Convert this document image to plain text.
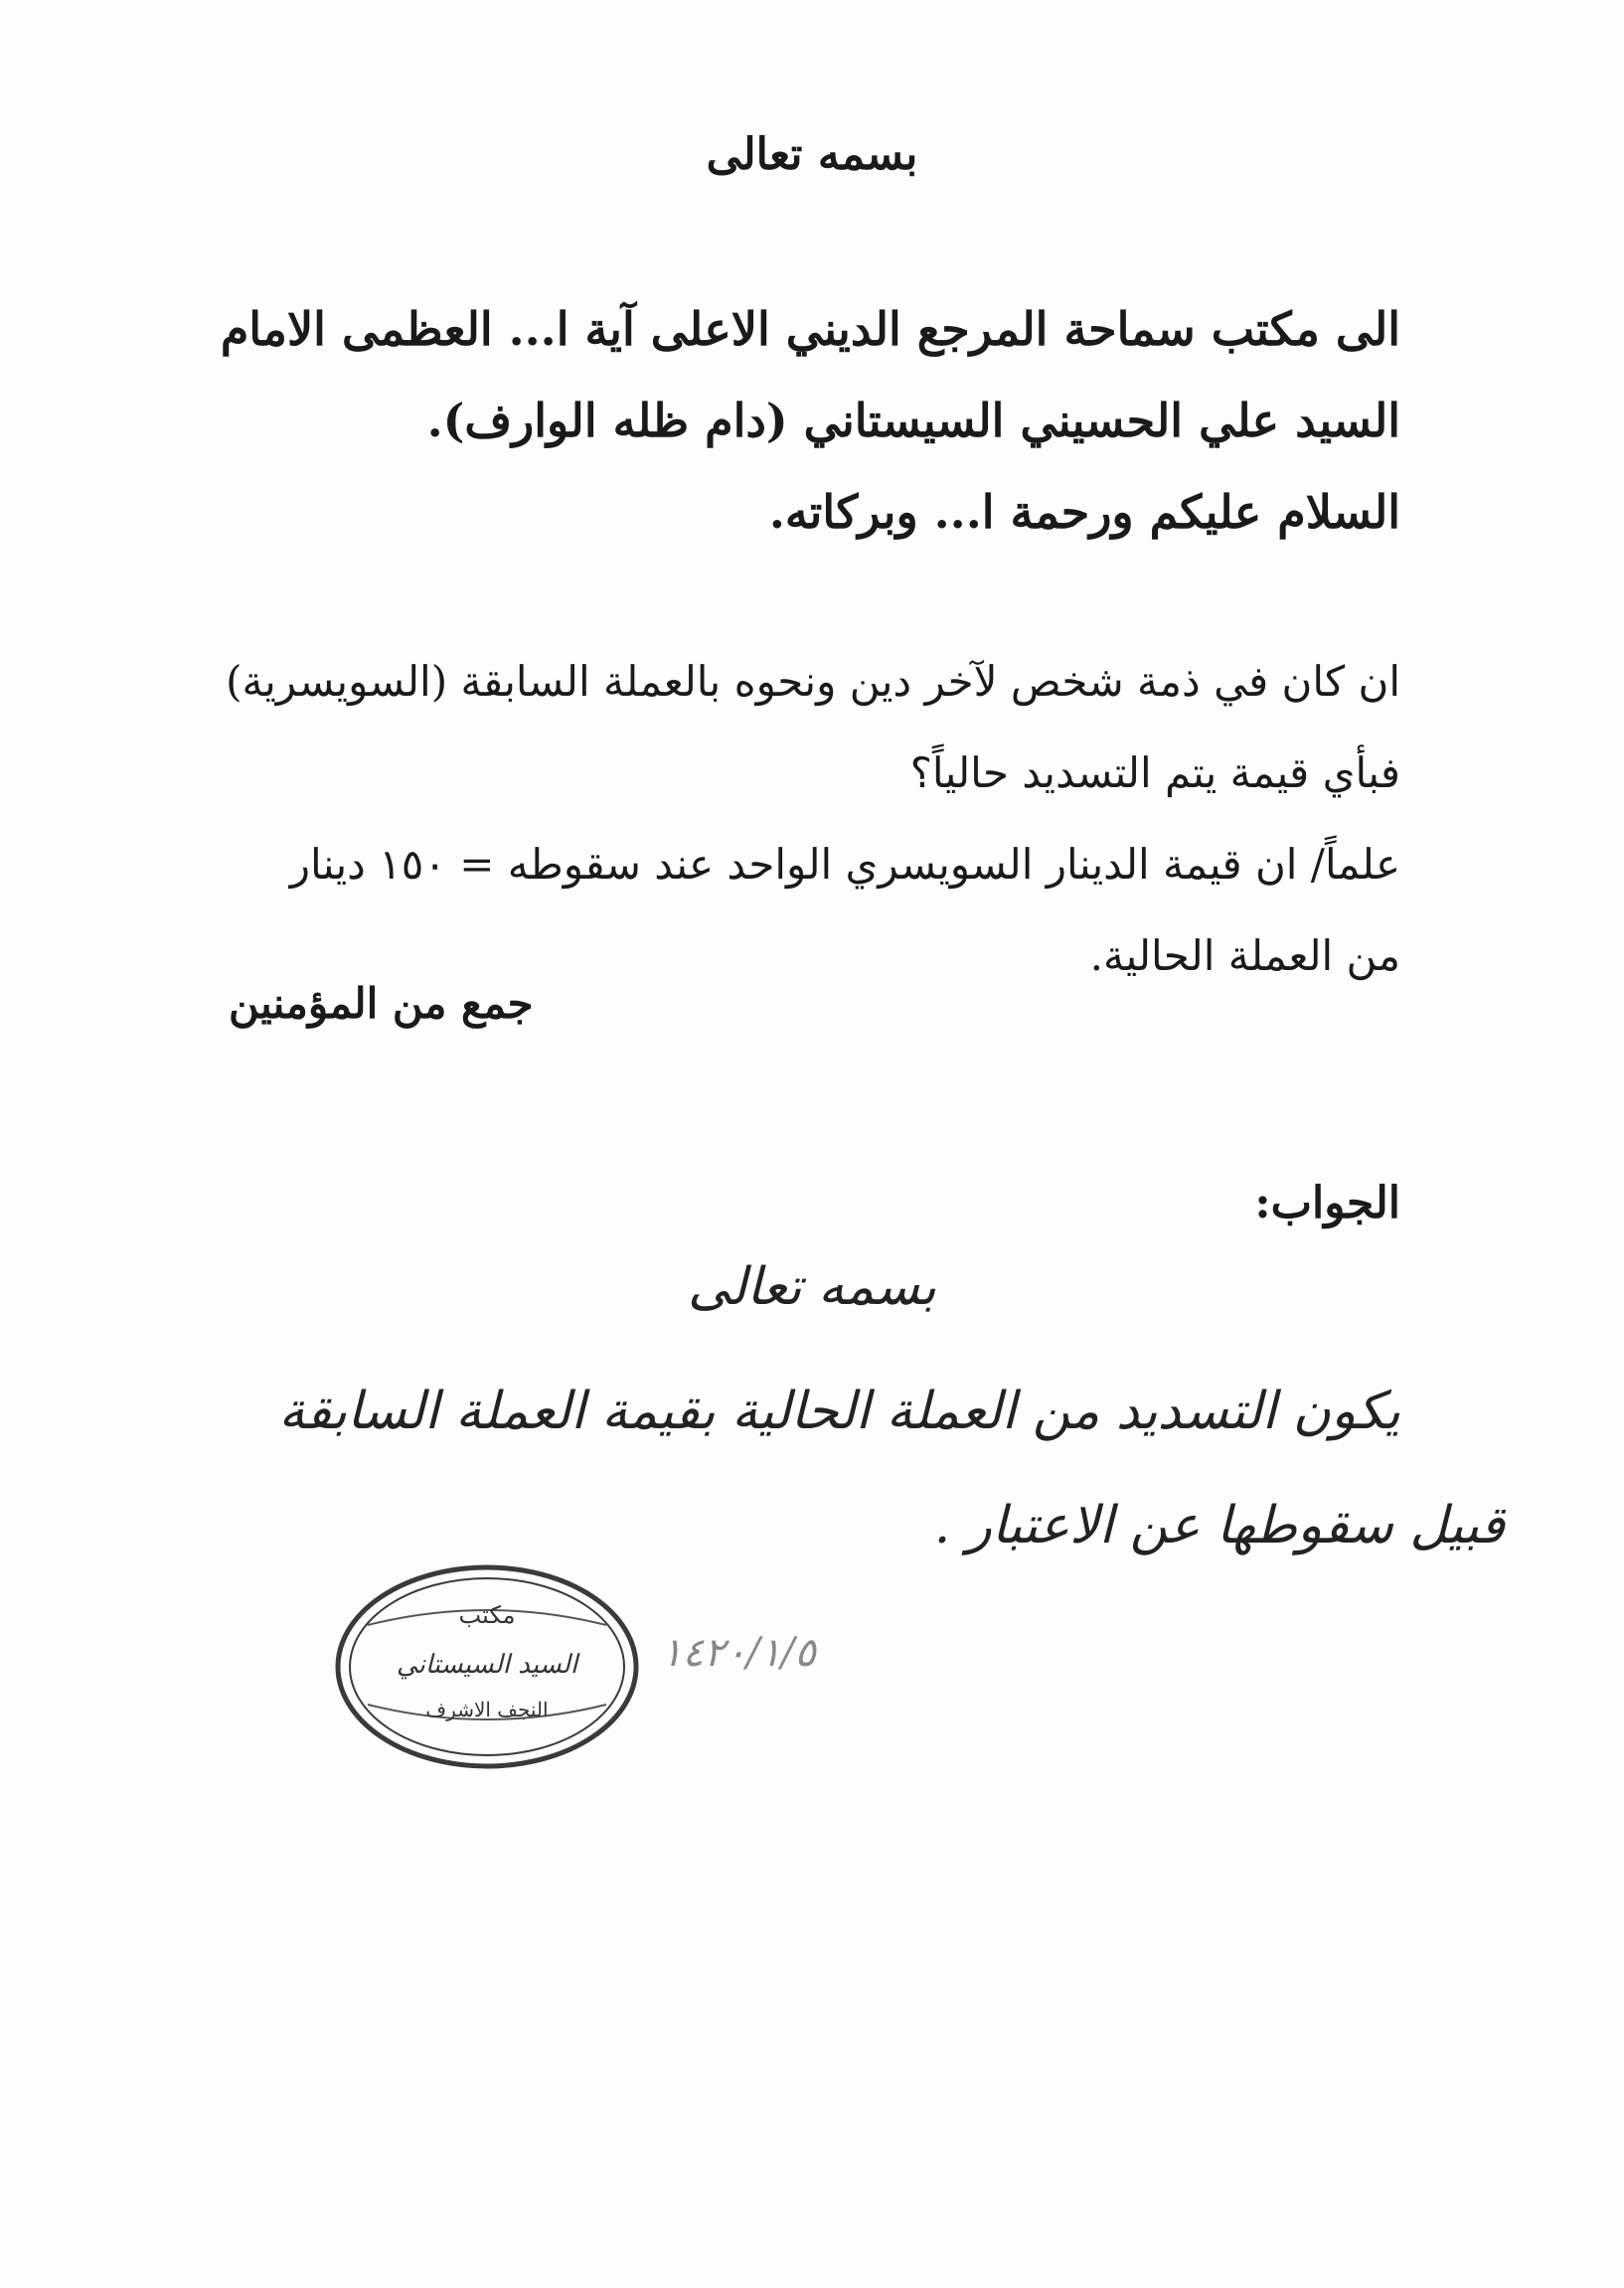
بسمه تعالى
الى مكتب سماحة المرجع الديني الاعلى آية ا... العظمى الامام
السيد علي الحسيني السيستاني (دام ظله الوارف).
السلام عليكم ورحمة ا... وبركاته.
ان كان في ذمة شخص لآخر دين ونحوه بالعملة السابقة (السويسرية)
فبأي قيمة يتم التسديد حالياً؟
علماً/ ان قيمة الدينار السويسري الواحد عند سقوطه = ١٥٠ دينار
من العملة الحالية.
جمع من المؤمنين
الجواب:
بسمه تعالى
يكون التسديد من العملة الحالية بقيمة العملة السابقة
قبيل سقوطها عن الاعتبار .
١٤٢٠/١/٥
مكتب
السيد السيستاني
النجف الاشرف
